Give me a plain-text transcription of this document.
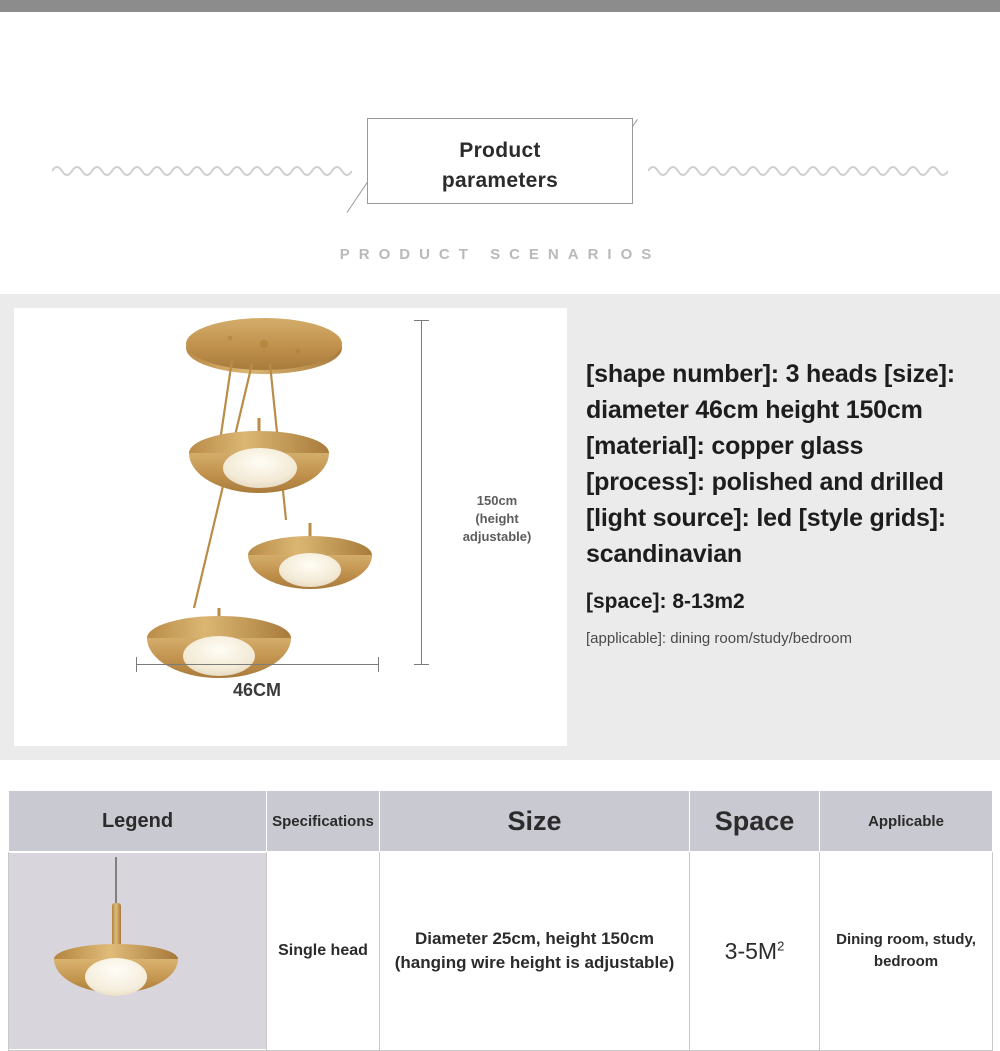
Product
parameters
PRODUCT SCENARIOS
150cm
(height
adjustable)
46CM
[shape number]: 3 heads [size]: diameter 46cm height 150cm [material]: copper glass [process]: polished and drilled [light source]: led [style grids]: scandinavian
[space]: 8-13m2
[applicable]: dining room/study/bedroom
Legend	Specifications	Size	Space	Applicable

	Single head	Diameter 25cm, height 150cm (hanging wire height is adjustable)	$3-5M^2$	Dining room, study, bedroom
